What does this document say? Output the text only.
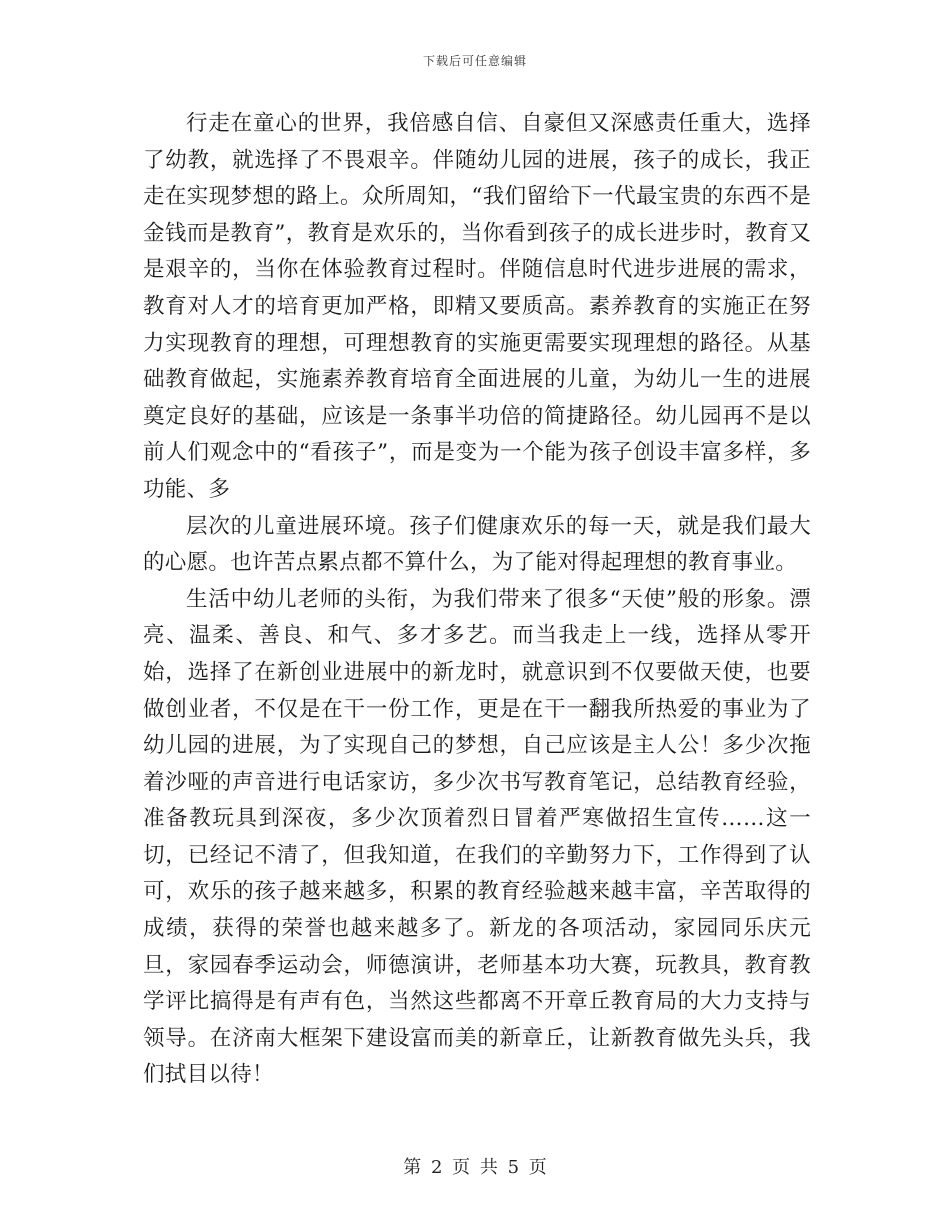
下载后可任意编辑

行走在童心的世界，我倍感自信、自豪但又深感责任重大，选择了幼教，就选择了不畏艰辛。伴随幼儿园的进展，孩子的成长，我正走在实现梦想的路上。众所周知，“我们留给下一代最宝贵的东西不是金钱而是教育”，教育是欢乐的，当你看到孩子的成长进步时，教育又是艰辛的，当你在体验教育过程时。伴随信息时代进步进展的需求，教育对人才的培育更加严格，即精又要质高。素养教育的实施正在努力实现教育的理想，可理想教育的实施更需要实现理想的路径。从基础教育做起，实施素养教育培育全面进展的儿童，为幼儿一生的进展奠定良好的基础，应该是一条事半功倍的简捷路径。幼儿园再不是以前人们观念中的“看孩子”，而是变为一个能为孩子创设丰富多样，多功能、多

层次的儿童进展环境。孩子们健康欢乐的每一天，就是我们最大的心愿。也许苦点累点都不算什么，为了能对得起理想的教育事业。

生活中幼儿老师的头衔，为我们带来了很多“天使”般的形象。漂亮、温柔、善良、和气、多才多艺。而当我走上一线，选择从零开始，选择了在新创业进展中的新龙时，就意识到不仅要做天使，也要做创业者，不仅是在干一份工作，更是在干一翻我所热爱的事业为了幼儿园的进展，为了实现自己的梦想，自己应该是主人公！多少次拖着沙哑的声音进行电话家访，多少次书写教育笔记，总结教育经验，准备教玩具到深夜，多少次顶着烈日冒着严寒做招生宣传……这一切，已经记不清了，但我知道，在我们的辛勤努力下，工作得到了认可，欢乐的孩子越来越多，积累的教育经验越来越丰富，辛苦取得的成绩，获得的荣誉也越来越多了。新龙的各项活动，家园同乐庆元旦，家园春季运动会，师德演讲，老师基本功大赛，玩教具，教育教学评比搞得是有声有色，当然这些都离不开章丘教育局的大力支持与领导。在济南大框架下建设富而美的新章丘，让新教育做先头兵，我们拭目以待！

第 2 页 共 5 页
